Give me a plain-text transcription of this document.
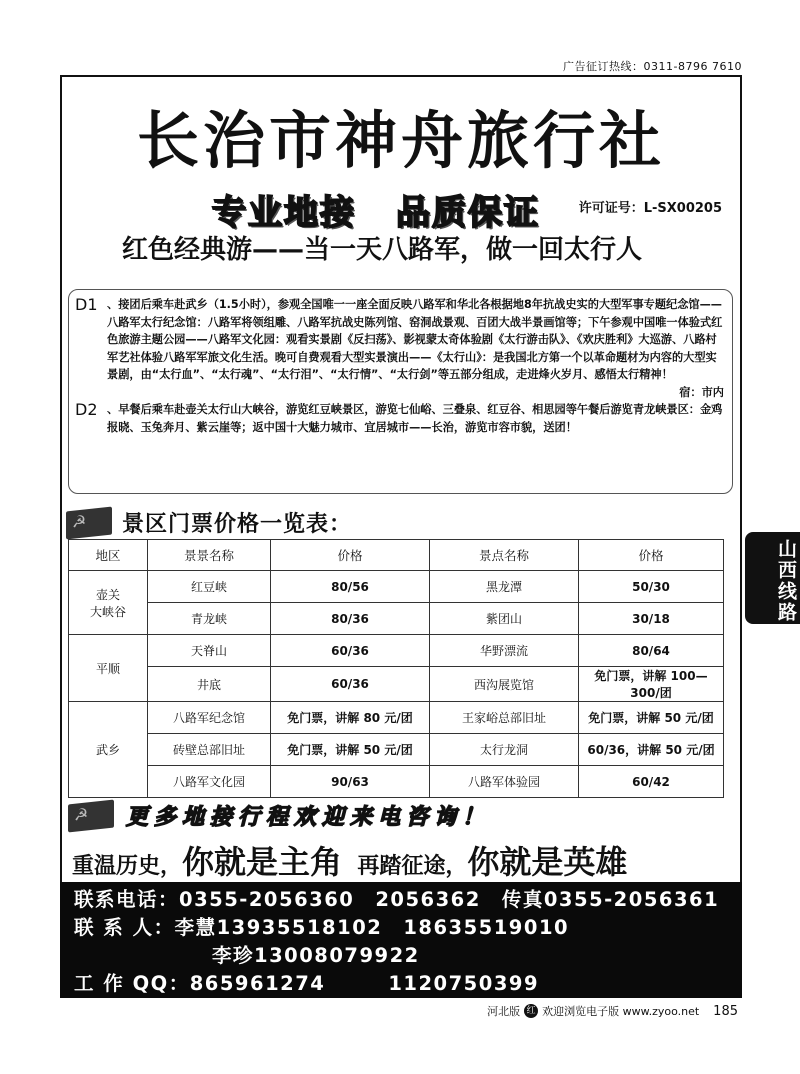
广告征订热线：0311-8796 7610
长治市神舟旅行社
专业地接 品质保证	许可证号：L-SX00205
红色经典游——当一天八路军，做一回太行人
D1 、接团后乘车赴武乡（1.5小时），参观全国唯一一座全面反映八路军和华北各根据地8年抗战史实的大型军事专题纪念馆——八路军太行纪念馆：八路军将领组雕、八路军抗战史陈列馆、窑洞战景观、百团大战半景画馆等；下午参观中国唯一体验式红色旅游主题公园——八路军文化园：观看实景剧《反扫荡》、影视蒙太奇体验剧《太行游击队》、《欢庆胜利》大巡游、八路村军艺社体验八路军军旅文化生活。晚可自费观看大型实景演出——《太行山》：是我国北方第一个以革命题材为内容的大型实景剧，由“太行血”、“太行魂”、“太行泪”、“太行情”、“太行剑”等五部分组成，走进烽火岁月、感悟太行精神！
宿：市内
D2 、早餐后乘车赴壶关太行山大峡谷，游览红豆峡景区，游览七仙峪、三叠泉、红豆谷、相思园等午餐后游览青龙峡景区：金鸡报晓、玉兔奔月、紫云崖等；返中国十大魅力城市、宜居城市——长治，游览市容市貌，送团！
☭
景区门票价格一览表：
地区	景景名称	价格	景点名称	价格
壶关
大峡谷	红豆峡	80/56	黑龙潭	50/30
	青龙峡	80/36	紫团山	30/18
平顺	天脊山	60/36	华野漂流	80/64
	井底	60/36	西沟展览馆	免门票，讲解 100—300/团
武乡	八路军纪念馆	免门票，讲解 80 元/团	王家峪总部旧址	免门票，讲解 50 元/团
	砖壁总部旧址	免门票，讲解 50 元/团	太行龙洞	60/36，讲解 50 元/团
	八路军文化园	90/63	八路军体验园	60/42
☭
更多地接行程欢迎来电咨询！
重温历史，你就是主角 再踏征途，你就是英雄
联系电话：0355-2056360　2056362　传真0355-2056361
联 系 人：李慧13935518102　18635519010
李珍13008079922
工 作 QQ：865961274　　　1120750399
山西线路
河北版 红 欢迎浏览电子版 www.zyoo.net 185
